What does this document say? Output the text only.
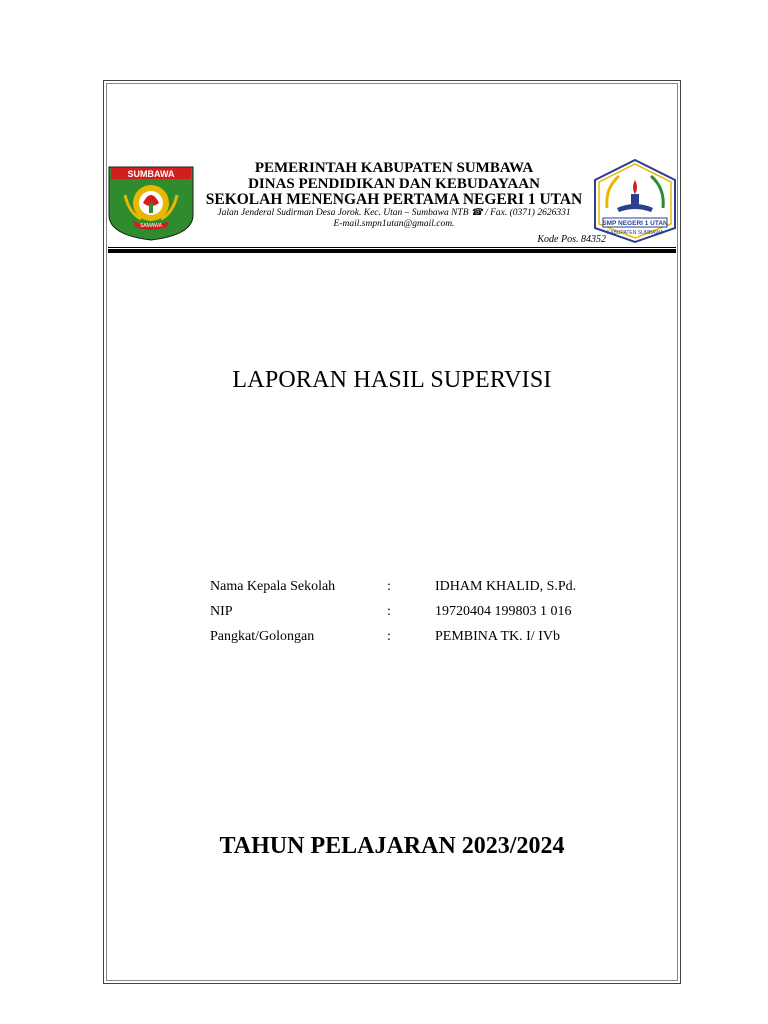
SUMBAWA
SAMAWA	SMP NEGERI 1 UTAN
KABUPATEN SUMBAWA
PEMERINTAH KABUPATEN SUMBAWA
DINAS PENDIDIKAN DAN KEBUDAYAAN
SEKOLAH MENENGAH PERTAMA NEGERI 1 UTAN
Jalan Jenderal Sudirman Desa Jorok. Kec. Utan – Sumbawa NTB ☎ / Fax. (0371) 2626331
E-mail.smpn1utan@gmail.com.
Kode Pos. 84352
LAPORAN HASIL SUPERVISI
Nama Kepala Sekolah	:	IDHAM KHALID, S.Pd.
NIP	:	19720404 199803 1 016
Pangkat/Golongan	:	PEMBINA TK. I/ IVb
TAHUN PELAJARAN 2023/2024
